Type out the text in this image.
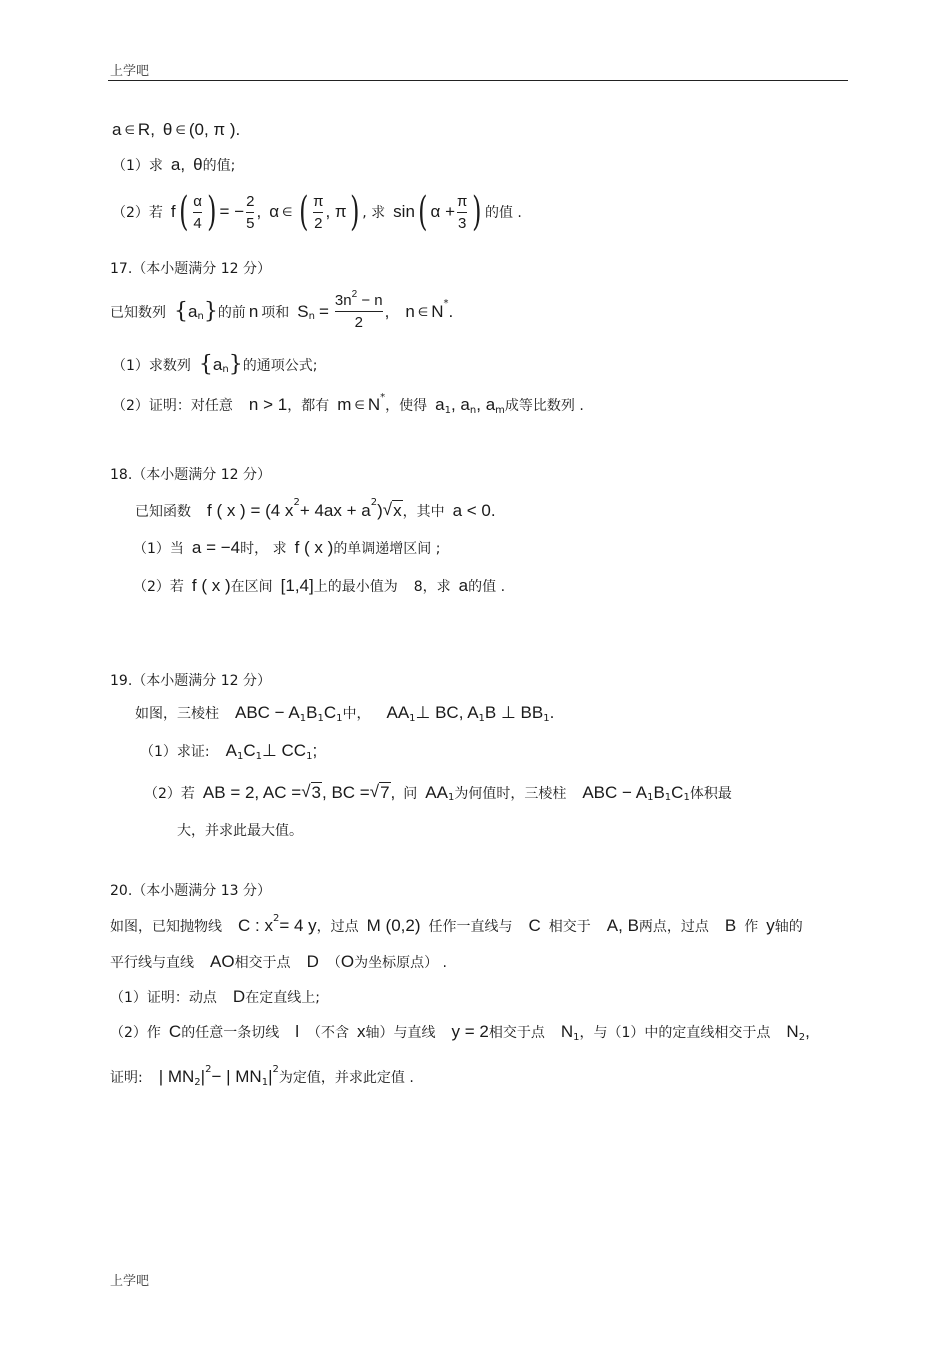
上学吧
a ∈ R, θ ∈ (0, π ).
（1）求 a, θ 的值;
（2）若 f ( $\frac{\alpha}{4}$ ) = − $\frac{2}{5}$ , α ∈ ( $\frac{\pi}{2}$ , π ) , 求 sin ( $\alpha + \frac{\pi}{3}$ ) 的值 .
17.（本小题满分 12 分）
已知数列 { a n } 的前 n 项和 S $n = \frac{3n^2 - n}{2}$ , n ∈ N * .
（1）求数列 { a n } 的通项公式;
（2）证明：对任意 n > 1 ，都有 m ∈ N *
，使得 a 1 , a n , a m 成等比数列 .
18.（本小题满分 12 分）
已知函数 f ( x ) = (4 x 2 + 4ax + a 2 ) √ x ，其中 a < 0 .
（1）当 a = −4 时， 求 f ( x ) 的单调递增区间 ;
（2）若 f ( x ) 在区间 [1,4] 上的最小值为 8， 求 a 的值 .
19.（本小题满分 12 分）
如图，三棱柱 ABC − A 1 B 1 C 1 中， AA 1 ⊥ BC, A 1 B ⊥ BB 1 .
（1）求证: A 1 C 1 ⊥ CC 1 ;
（2）若 AB = 2, AC = √ 3 , BC = √ 7 , 问 AA 1 为何值时，三棱柱 ABC − A 1 B 1 C 1 体积最
大，并求此最大值。
20.（本小题满分 13 分）
如图，已知抛物线 C : x 2 = 4 y ，过点 M (0,2) 任作一直线与 C 相交于 A, B 两点，过点 B 作 y 轴的
平行线与直线 AO 相交于点 D （ O 为坐标原点） .
（1）证明：动点 D 在定直线上;
（2）作 C 的任意一条切线 l （不含 x 轴）与直线 y = 2 相交于点 N 1 ，与（1）中的定直线相交于点 N 2 ,
证明: | MN 2 | 2 − | MN 1 | 2
为定值，并求此定值 .
上学吧
